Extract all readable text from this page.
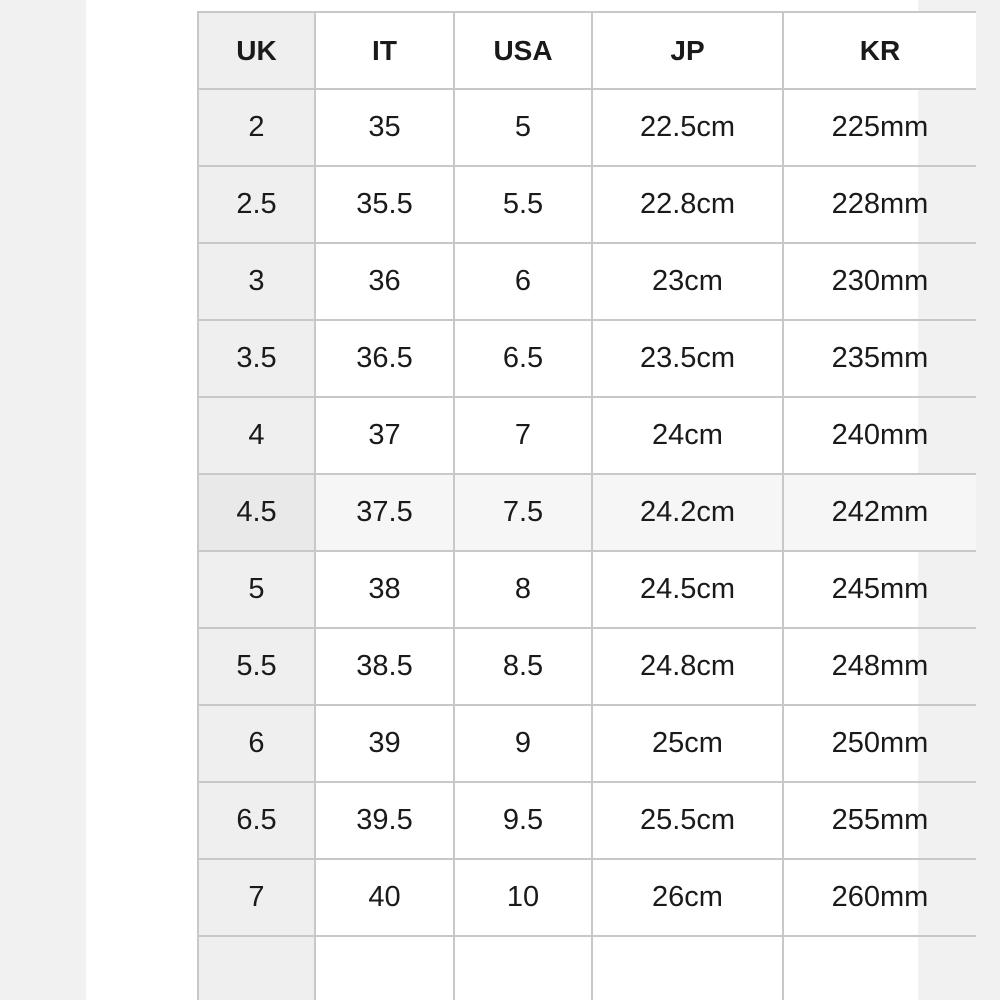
UK	IT	USA	JP	KR
2	35	5	22.5cm	225mm
2.5	35.5	5.5	22.8cm	228mm
3	36	6	23cm	230mm
3.5	36.5	6.5	23.5cm	235mm
4	37	7	24cm	240mm
4.5	37.5	7.5	24.2cm	242mm
5	38	8	24.5cm	245mm
5.5	38.5	8.5	24.8cm	248mm
6	39	9	25cm	250mm
6.5	39.5	9.5	25.5cm	255mm
7	40	10	26cm	260mm
